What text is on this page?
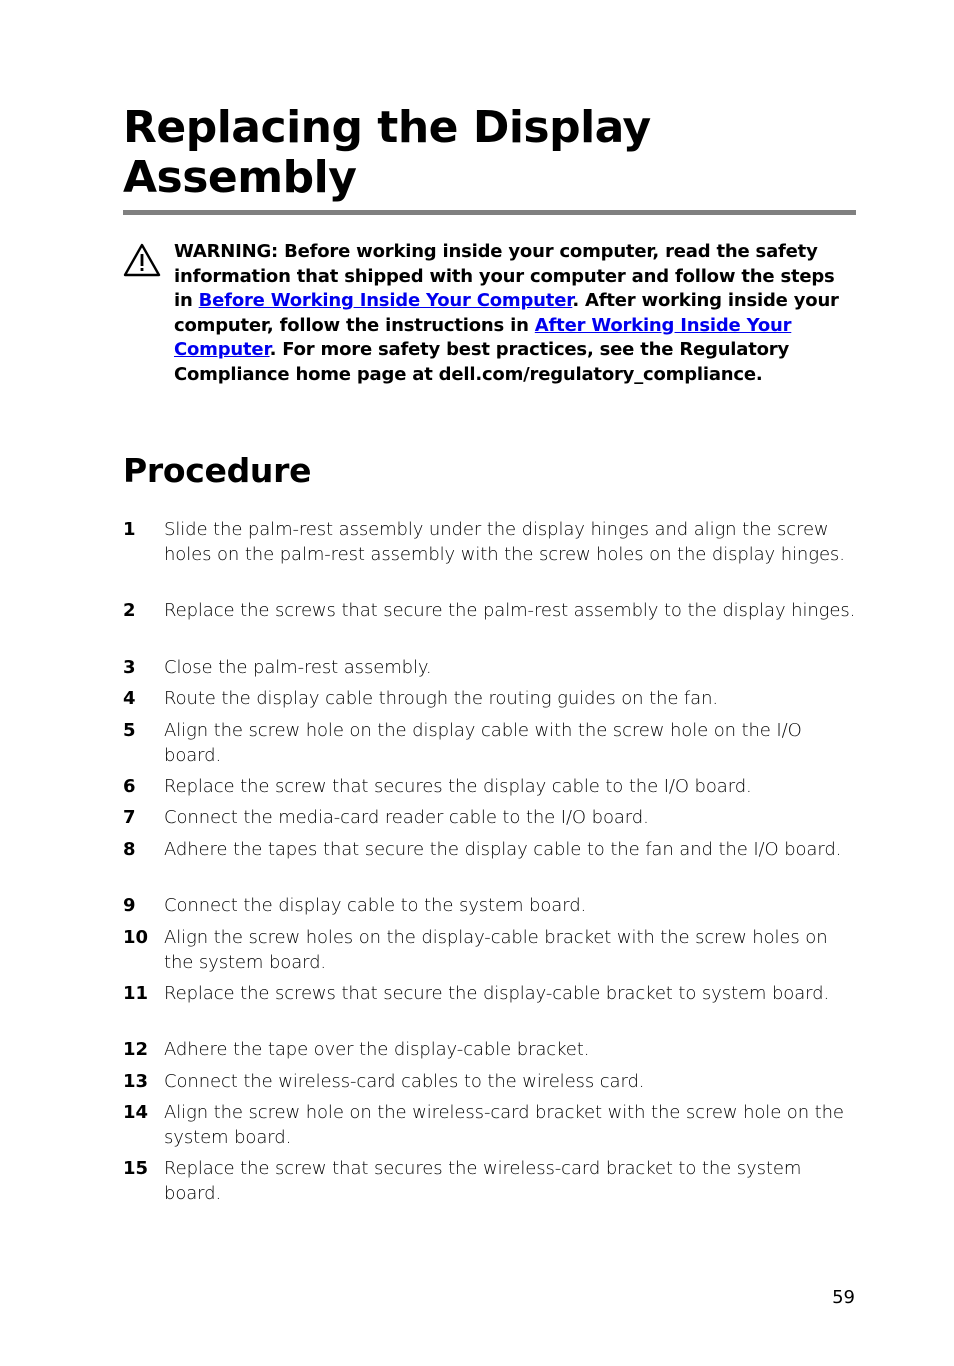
Replacing the Display
Assembly

WARNING: Before working inside your computer, read the safety information that shipped with your computer and follow the steps in Before Working Inside Your Computer. After working inside your computer, follow the instructions in After Working Inside Your Computer. For more safety best practices, see the Regulatory Compliance home page at dell.com/regulatory_compliance.

Procedure
1 Slide the palm-rest assembly under the display hinges and align the screw holes on the palm-rest assembly with the screw holes on the display hinges.
2 Replace the screws that secure the palm-rest assembly to the display hinges.
3 Close the palm-rest assembly.
4 Route the display cable through the routing guides on the fan.
5 Align the screw hole on the display cable with the screw hole on the I/O board.
6 Replace the screw that secures the display cable to the I/O board.
7 Connect the media-card reader cable to the I/O board.
8 Adhere the tapes that secure the display cable to the fan and the I/O board.
9 Connect the display cable to the system board.
10 Align the screw holes on the display-cable bracket with the screw holes on the system board.
11 Replace the screws that secure the display-cable bracket to system board.
12 Adhere the tape over the display-cable bracket.
13 Connect the wireless-card cables to the wireless card.
14 Align the screw hole on the wireless-card bracket with the screw hole on the system board.
15 Replace the screw that secures the wireless-card bracket to the system board.
59
